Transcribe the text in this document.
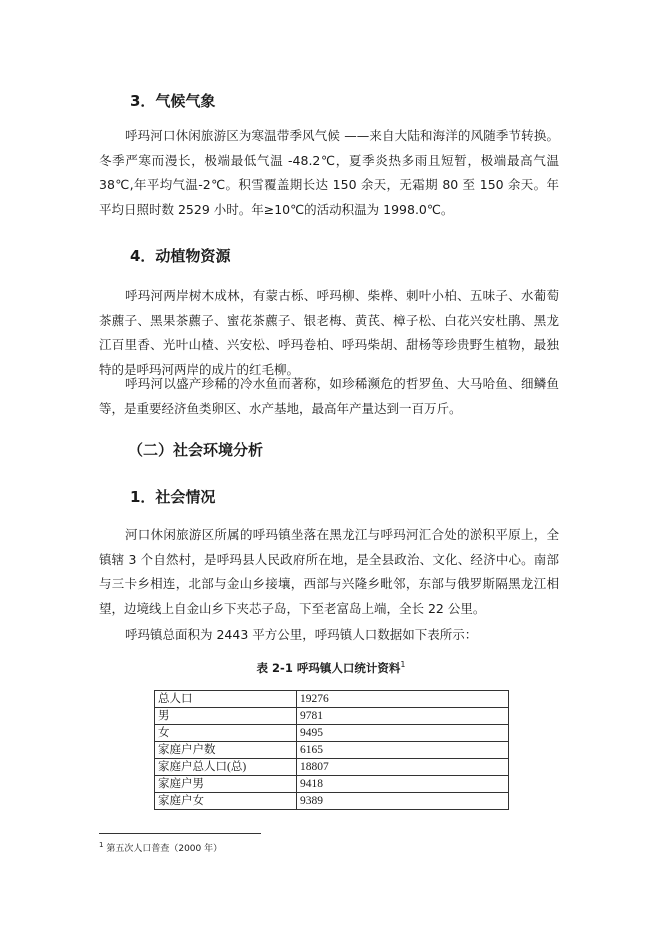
3．气候气象

呼玛河口休闲旅游区为寒温带季风气候 ——来自大陆和海洋的风随季节转换。冬季严寒而漫长，极端最低气温 -48.2℃，夏季炎热多雨且短暂，极端最高气温 38℃,年平均气温-2℃。积雪覆盖期长达 150 余天，无霜期 80 至 150 余天。年平均日照时数 2529 小时。年≥10℃的活动积温为 1998.0℃。

4．动植物资源

呼玛河两岸树木成林，有蒙古栎、呼玛柳、柴桦、刺叶小柏、五味子、水葡萄茶藨子、黑果茶藨子、蜜花茶藨子、银老梅、黄芪、樟子松、白花兴安杜鹃、黑龙江百里香、光叶山楂、兴安松、呼玛卷柏、呼玛柴胡、甜杨等珍贵野生植物，最独特的是呼玛河两岸的成片的红毛柳。

呼玛河以盛产珍稀的冷水鱼而著称，如珍稀濒危的哲罗鱼、大马哈鱼、细鳞鱼等，是重要经济鱼类卵区、水产基地，最高年产量达到一百万斤。

（二）社会环境分析
1．社会情况

河口休闲旅游区所属的呼玛镇坐落在黑龙江与呼玛河汇合处的淤积平原上，全镇辖 3 个自然村，是呼玛县人民政府所在地，是全县政治、文化、经济中心。南部与三卡乡相连，北部与金山乡接壤，西部与兴隆乡毗邻，东部与俄罗斯隔黑龙江相望，边境线上自金山乡下夹芯子岛，下至老富岛上端，全长 22 公里。

呼玛镇总面积为 2443 平方公里，呼玛镇人口数据如下表所示：

表 2-1 呼玛镇人口统计资料$^1$

总人口	19276
男	9781
女	9495
家庭户户数	6165
家庭户总人口(总)	18807
家庭户男	9418
家庭户女	9389

$^1$ 第五次人口普查（2000 年）
